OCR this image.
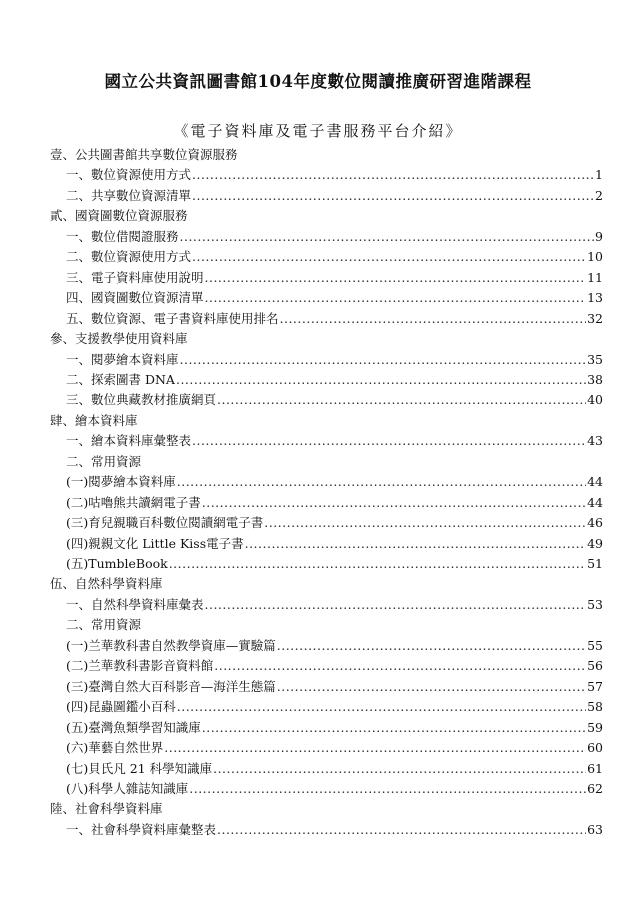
國立公共資訊圖書館104年度數位閱讀推廣研習進階課程
《電子資料庫及電子書服務平台介紹》
壹、公共圖書館共享數位資源服務
一、數位資源使用方式 .....	1
二、共享數位資源清單 .....	2
貳、國資圖數位資源服務
一、數位借閱證服務 .....	9
二、數位資源使用方式 .....	10
三、電子資料庫使用說明 .....	11
四、國資圖數位資源清單 .....	13
五、數位資源、電子書資料庫使用排名 .....	32
參、支援教學使用資料庫
一、閱夢繪本資料庫 .....	35
二、探索圖書 DNA .....	38
三、數位典藏教材推廣網頁 .....	40
肆、繪本資料庫
一、繪本資料庫彙整表 .....	43
二、常用資源
(一)閱夢繪本資料庫 .....	44
(二)咕嚕熊共讀網電子書 .....	44
(三)育兒親職百科數位閱讀網電子書 .....	46
(四)親親文化 Little Kiss電子書 .....	49
(五)TumbleBook .....	51
伍、自然科學資料庫
一、自然科學資料庫彙表 .....	53
二、常用資源
(一)兰華教科書自然教學資庫—實驗篇 .....	55
(二)兰華教科書影音資料館 .....	56
(三)臺灣自然大百科影音—海洋生態篇 .....	57
(四)昆蟲圖鑑小百科 .....	58
(五)臺灣魚類學習知識庫 .....	59
(六)華藝自然世界 .....	60
(七)貝氏凡 21 科學知識庫 .....	61
(八)科學人雜誌知識庫 .....	62
陸、社會科學資料庫
一、社會科學資料庫彙整表 .....	63
